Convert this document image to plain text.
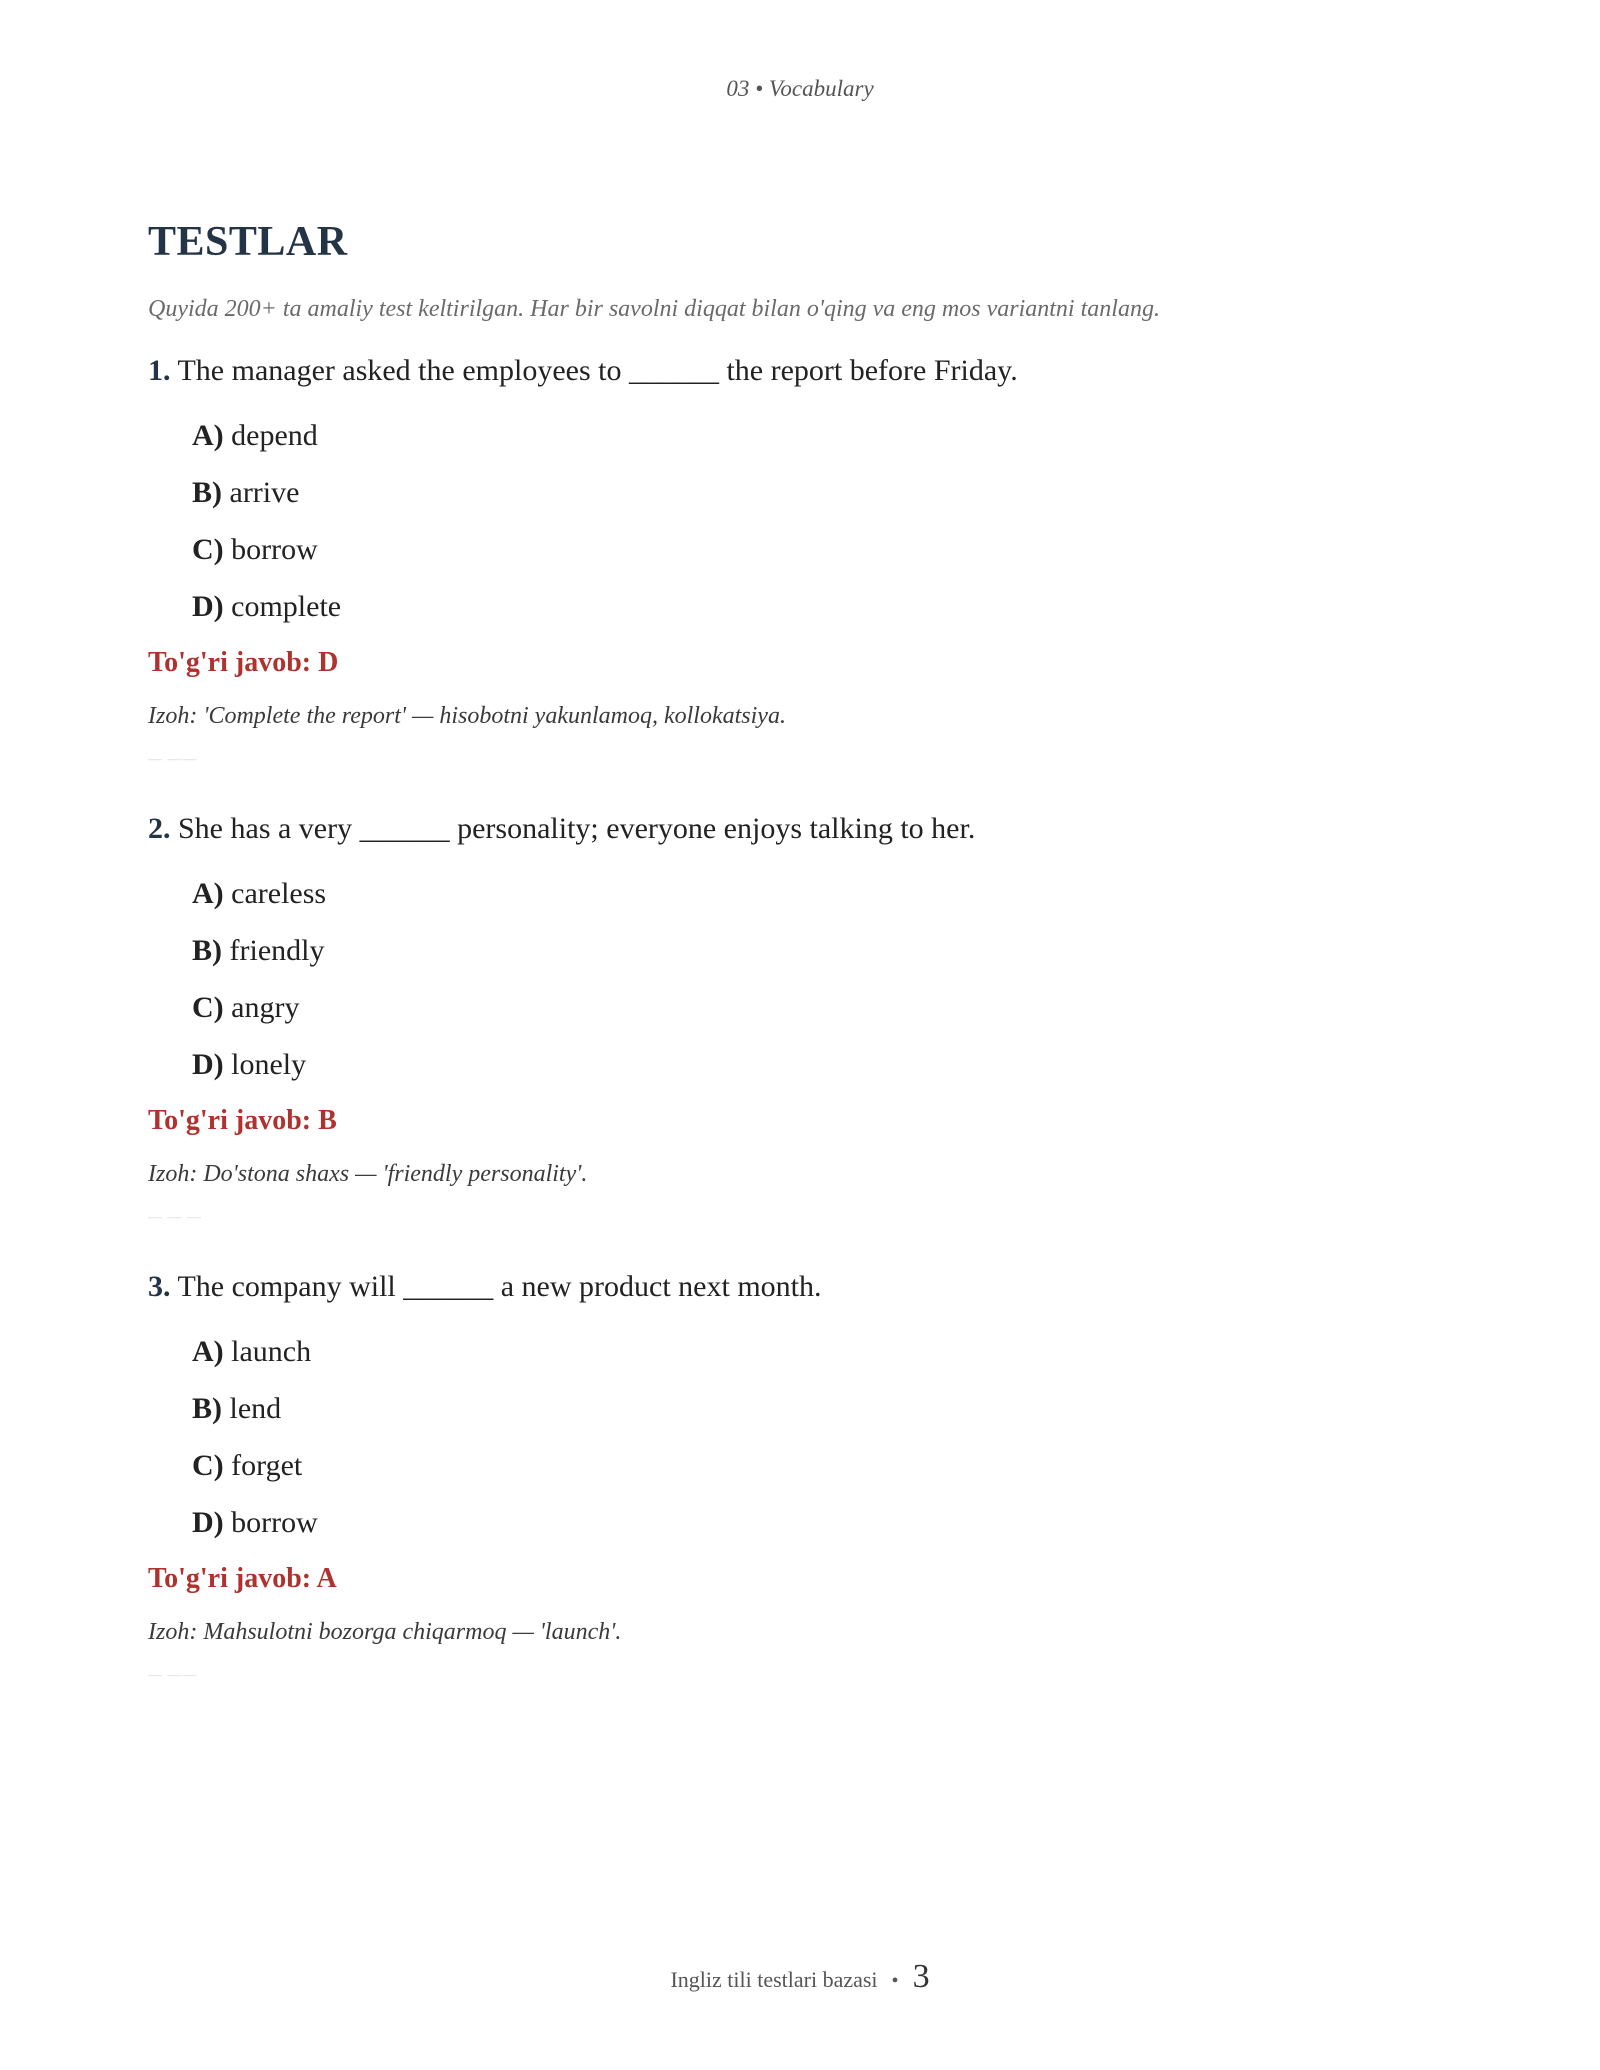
03 • Vocabulary
TESTLAR

Quyida 200+ ta amaliy test keltirilgan. Har bir savolni diqqat bilan o'qing va eng mos variantni tanlang.

1. The manager asked the employees to ______ the report before Friday.

A) depend
B) arrive
C) borrow
D) complete

To'g'ri javob: D

Izoh: 'Complete the report' — hisobotni yakunlamoq, kollokatsiya.

— ——

2. She has a very ______ personality; everyone enjoys talking to her.

A) careless
B) friendly
C) angry
D) lonely

To'g'ri javob: B

Izoh: Do'stona shaxs — 'friendly personality'.

— — —

3. The company will ______ a new product next month.

A) launch
B) lend
C) forget
D) borrow

To'g'ri javob: A

Izoh: Mahsulotni bozorga chiqarmoq — 'launch'.

— ——
Ingliz tili testlari bazasi • 3
